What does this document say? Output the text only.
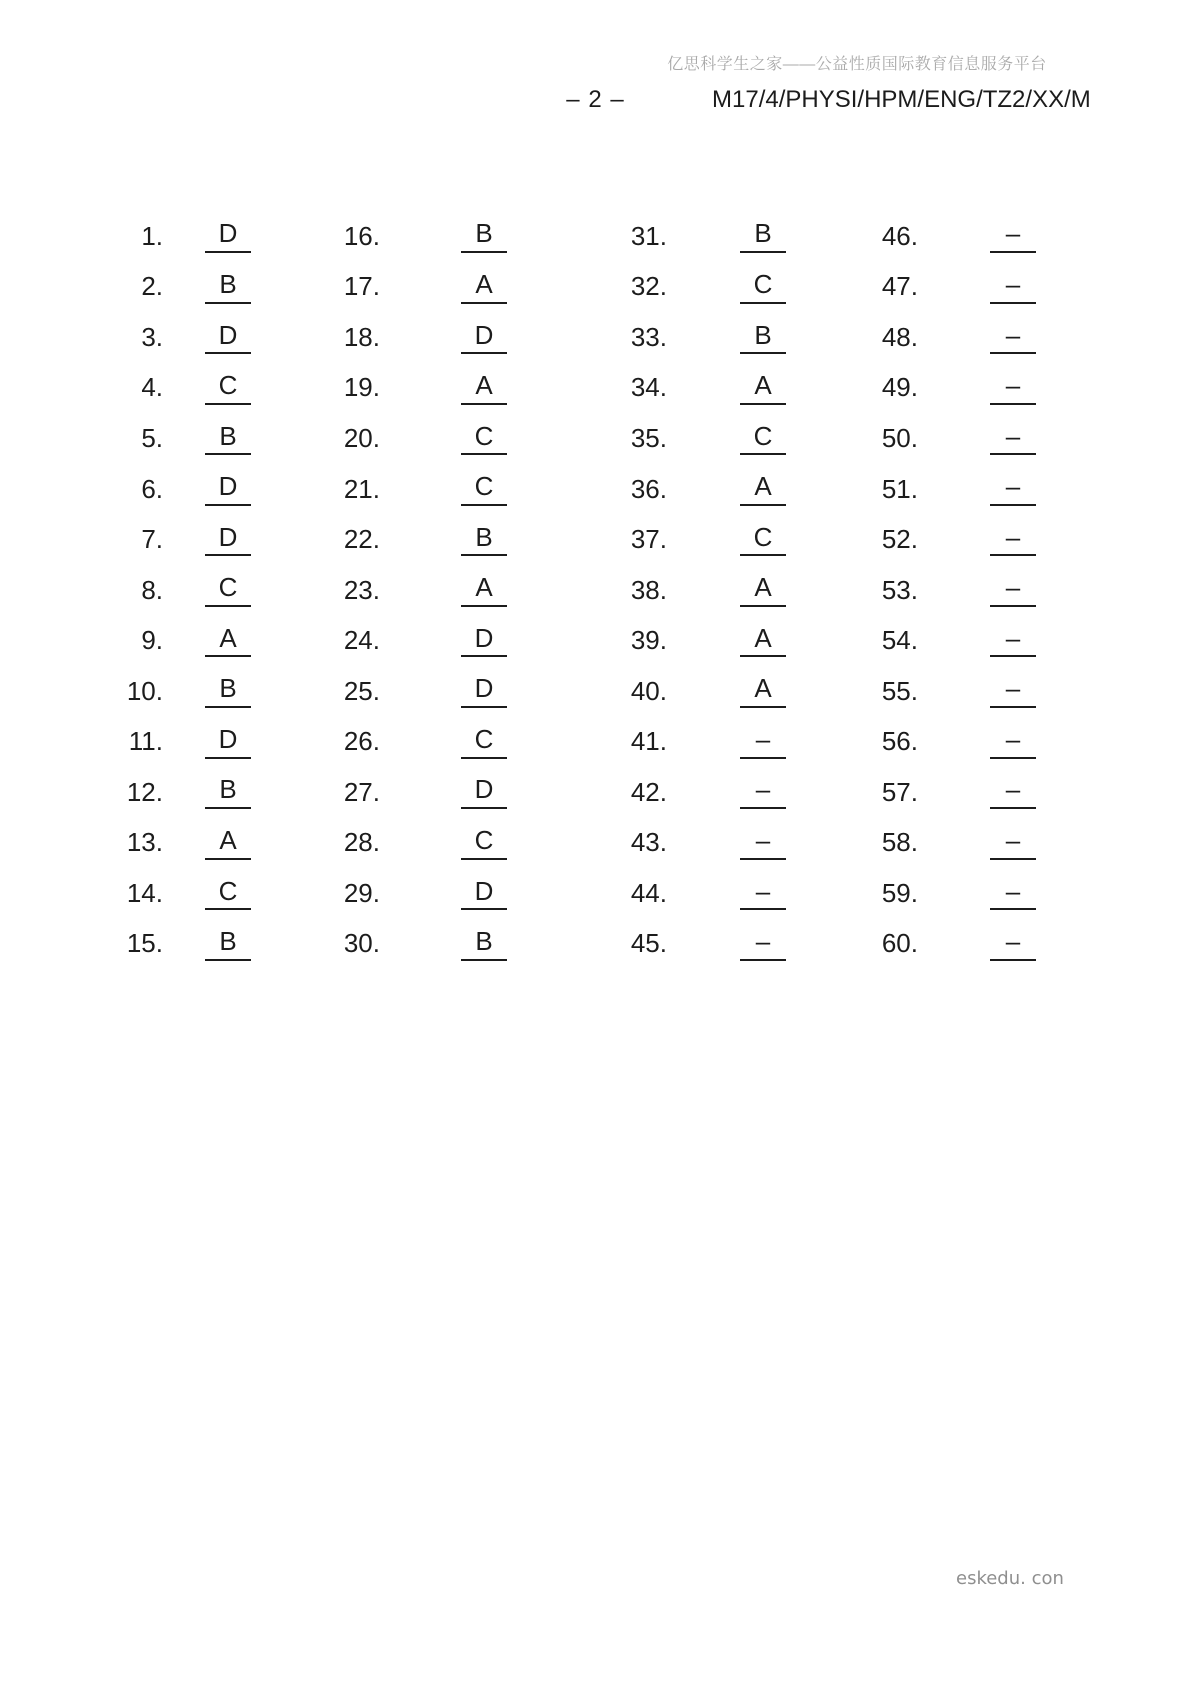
亿思科学生之家——公益性质国际教育信息服务平台
– 2 –	M17/4/PHYSI/HPM/ENG/TZ2/XX/M
1.	D
2.	B
3.	D
4.	C
5.	B
6.	D
7.	D
8.	C
9.	A
10.	B
11.	D
12.	B
13.	A
14.	C
15.	B
16.	B
17.	A
18.	D
19.	A
20.	C
21.	C
22.	B
23.	A
24.	D
25.	D
26.	C
27.	D
28.	C
29.	D
30.	B
31.	B
32.	C
33.	B
34.	A
35.	C
36.	A
37.	C
38.	A
39.	A
40.	A
41.	–
42.	–
43.	–
44.	–
45.	–
46.	–
47.	–
48.	–
49.	–
50.	–
51.	–
52.	–
53.	–
54.	–
55.	–
56.	–
57.	–
58.	–
59.	–
60.	–
eskedu. con
